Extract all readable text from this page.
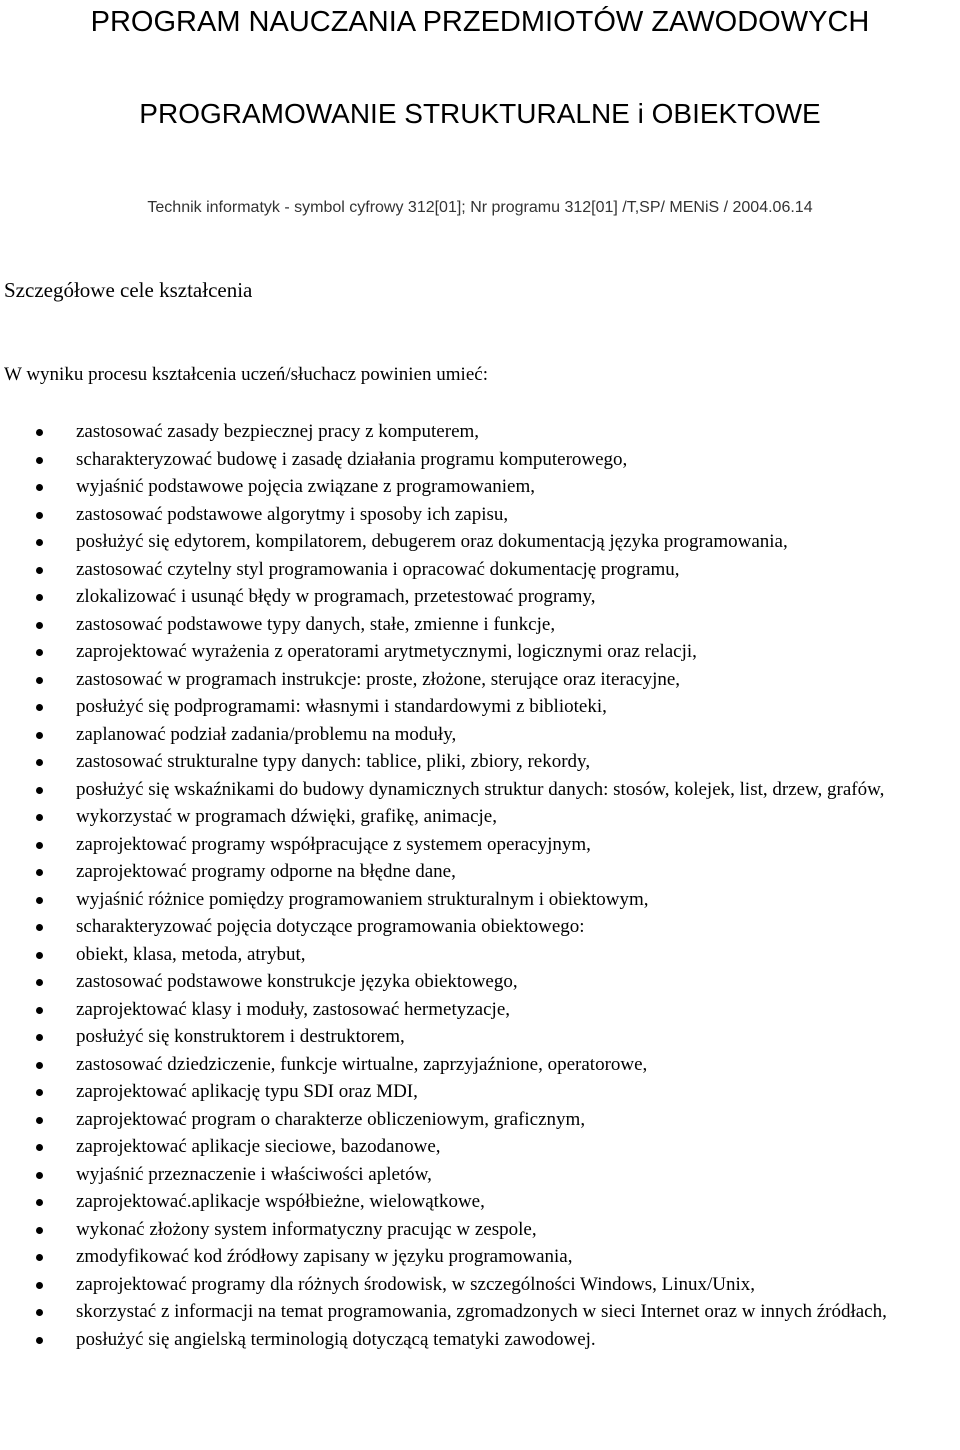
PROGRAM NAUCZANIA PRZEDMIOTÓW ZAWODOWYCH
PROGRAMOWANIE STRUKTURALNE i OBIEKTOWE
Technik informatyk - symbol cyfrowy 312[01]; Nr programu 312[01] /T,SP/ MENiS / 2004.06.14
Szczegółowe cele kształcenia
W wyniku procesu kształcenia uczeń/słuchacz powinien umieć:
zastosować zasady bezpiecznej pracy z komputerem,
scharakteryzować budowę i zasadę działania programu komputerowego,
wyjaśnić podstawowe pojęcia związane z programowaniem,
zastosować podstawowe algorytmy i sposoby ich zapisu,
posłużyć się edytorem, kompilatorem, debugerem oraz dokumentacją języka programowania,
zastosować czytelny styl programowania i opracować dokumentację programu,
zlokalizować i usunąć błędy w programach, przetestować programy,
zastosować podstawowe typy danych, stałe, zmienne i funkcje,
zaprojektować wyrażenia z operatorami arytmetycznymi, logicznymi oraz relacji,
zastosować w programach instrukcje: proste, złożone, sterujące oraz iteracyjne,
posłużyć się podprogramami: własnymi i standardowymi z biblioteki,
zaplanować podział zadania/problemu na moduły,
zastosować strukturalne typy danych: tablice, pliki, zbiory, rekordy,
posłużyć się wskaźnikami do budowy dynamicznych struktur danych: stosów, kolejek, list, drzew, grafów,
wykorzystać w programach dźwięki, grafikę, animacje,
zaprojektować programy współpracujące z systemem operacyjnym,
zaprojektować programy odporne na błędne dane,
wyjaśnić różnice pomiędzy programowaniem strukturalnym i obiektowym,
scharakteryzować pojęcia dotyczące programowania obiektowego:
obiekt, klasa, metoda, atrybut,
zastosować podstawowe konstrukcje języka obiektowego,
zaprojektować klasy i moduły, zastosować hermetyzacje,
posłużyć się konstruktorem i destruktorem,
zastosować dziedziczenie, funkcje wirtualne, zaprzyjaźnione, operatorowe,
zaprojektować aplikację typu SDI oraz MDI,
zaprojektować program o charakterze obliczeniowym, graficznym,
zaprojektować aplikacje sieciowe, bazodanowe,
wyjaśnić przeznaczenie i właściwości apletów,
zaprojektować.aplikacje współbieżne, wielowątkowe,
wykonać złożony system informatyczny pracując w zespole,
zmodyfikować kod źródłowy zapisany w języku programowania,
zaprojektować programy dla różnych środowisk, w szczególności Windows, Linux/Unix,
skorzystać z informacji na temat programowania, zgromadzonych w sieci Internet oraz w innych źródłach,
posłużyć się angielską terminologią dotyczącą tematyki zawodowej.
